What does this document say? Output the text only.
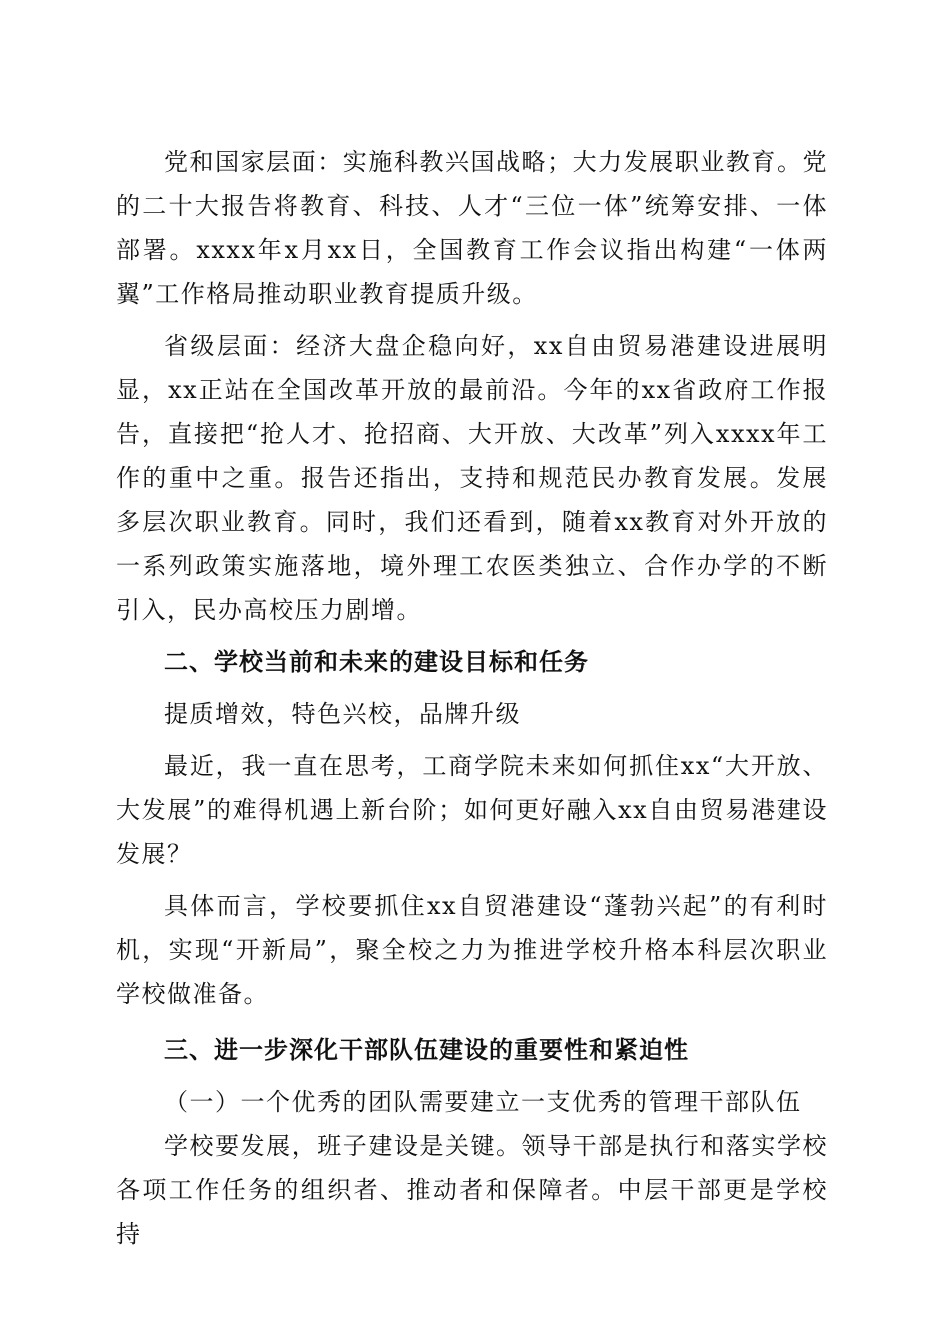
党和国家层面：实施科教兴国战略；大力发展职业教育。党的二十大报告将教育、科技、人才“三位一体”统筹安排、一体部署。xxxx年x月xx日，全国教育工作会议指出构建“一体两翼”工作格局推动职业教育提质升级。

省级层面：经济大盘企稳向好，xx自由贸易港建设进展明显，xx正站在全国改革开放的最前沿。今年的xx省政府工作报告，直接把“抢人才、抢招商、大开放、大改革”列入xxxx年工作的重中之重。报告还指出，支持和规范民办教育发展。发展多层次职业教育。同时，我们还看到，随着xx教育对外开放的一系列政策实施落地，境外理工农医类独立、合作办学的不断引入，民办高校压力剧增。

二、学校当前和未来的建设目标和任务

提质增效，特色兴校，品牌升级

最近，我一直在思考，工商学院未来如何抓住xx“大开放、大发展”的难得机遇上新台阶；如何更好融入xx自由贸易港建设发展？

具体而言，学校要抓住xx自贸港建设“蓬勃兴起”的有利时机，实现“开新局”，聚全校之力为推进学校升格本科层次职业学校做准备。

三、进一步深化干部队伍建设的重要性和紧迫性
（一）一个优秀的团队需要建立一支优秀的管理干部队伍

学校要发展，班子建设是关键。领导干部是执行和落实学校各项工作任务的组织者、推动者和保障者。中层干部更是学校持
